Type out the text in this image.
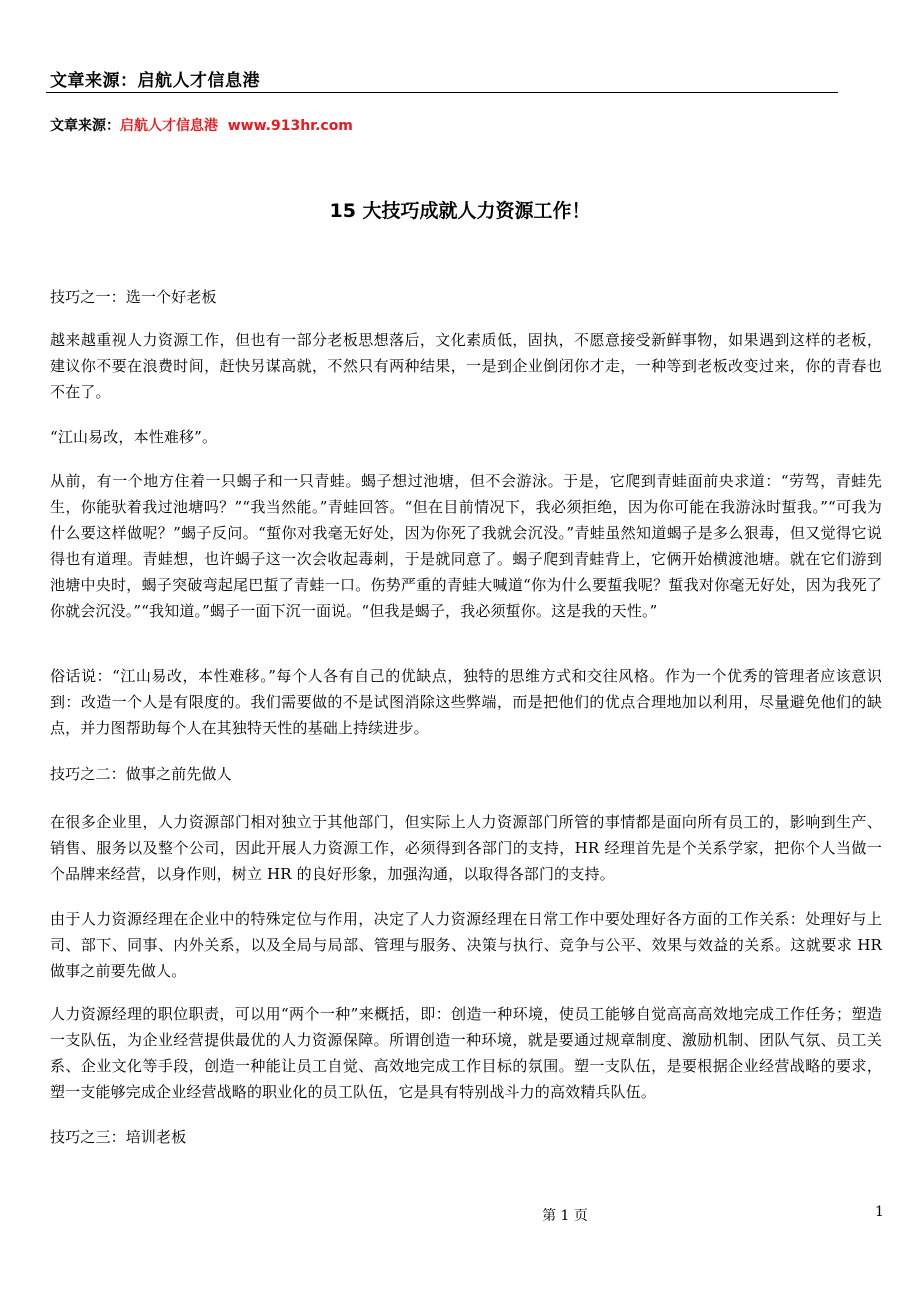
文章来源：启航人才信息港
文章来源：启航人才信息港 www.913hr.com
15 大技巧成就人力资源工作！

技巧之一：选一个好老板

越来越重视人力资源工作，但也有一部分老板思想落后，文化素质低，固执，不愿意接受新鲜事物，如果遇到这样的老板，建议你不要在浪费时间，赶快另谋高就，不然只有两种结果，一是到企业倒闭你才走，一种等到老板改变过来，你的青春也不在了。

“江山易改，本性难移”。

从前，有一个地方住着一只蝎子和一只青蛙。蝎子想过池塘，但不会游泳。于是，它爬到青蛙面前央求道：“劳驾，青蛙先生，你能驮着我过池塘吗？”“我当然能。”青蛙回答。“但在目前情况下，我必须拒绝，因为你可能在我游泳时蜇我。”“可我为什么要这样做呢？”蝎子反问。“蜇你对我毫无好处，因为你死了我就会沉没。”青蛙虽然知道蝎子是多么狠毒，但又觉得它说得也有道理。青蛙想，也许蝎子这一次会收起毒刺，于是就同意了。蝎子爬到青蛙背上，它俩开始横渡池塘。就在它们游到池塘中央时，蝎子突破弯起尾巴蜇了青蛙一口。伤势严重的青蛙大喊道“你为什么要蜇我呢？蜇我对你毫无好处，因为我死了你就会沉没。”“我知道。”蝎子一面下沉一面说。“但我是蝎子，我必须蜇你。这是我的天性。”

俗话说：“江山易改，本性难移。”每个人各有自己的优缺点，独特的思维方式和交往风格。作为一个优秀的管理者应该意识到：改造一个人是有限度的。我们需要做的不是试图消除这些弊端，而是把他们的优点合理地加以利用，尽量避免他们的缺点，并力图帮助每个人在其独特天性的基础上持续进步。

技巧之二：做事之前先做人

在很多企业里，人力资源部门相对独立于其他部门，但实际上人力资源部门所管的事情都是面向所有员工的，影响到生产、销售、服务以及整个公司，因此开展人力资源工作，必须得到各部门的支持，HR 经理首先是个关系学家，把你个人当做一个品牌来经营，以身作则，树立 HR 的良好形象，加强沟通，以取得各部门的支持。

由于人力资源经理在企业中的特殊定位与作用，决定了人力资源经理在日常工作中要处理好各方面的工作关系：处理好与上司、部下、同事、内外关系，以及全局与局部、管理与服务、决策与执行、竞争与公平、效果与效益的关系。这就要求 HR 做事之前要先做人。

人力资源经理的职位职责，可以用“两个一种”来概括，即：创造一种环境，使员工能够自觉高高高效地完成工作任务；塑造一支队伍，为企业经营提供最优的人力资源保障。所谓创造一种环境，就是要通过规章制度、激励机制、团队气氛、员工关系、企业文化等手段，创造一种能让员工自觉、高效地完成工作目标的氛围。塑一支队伍，是要根据企业经营战略的要求，塑一支能够完成企业经营战略的职业化的员工队伍，它是具有特别战斗力的高效精兵队伍。

技巧之三：培训老板

第 1 页	1
